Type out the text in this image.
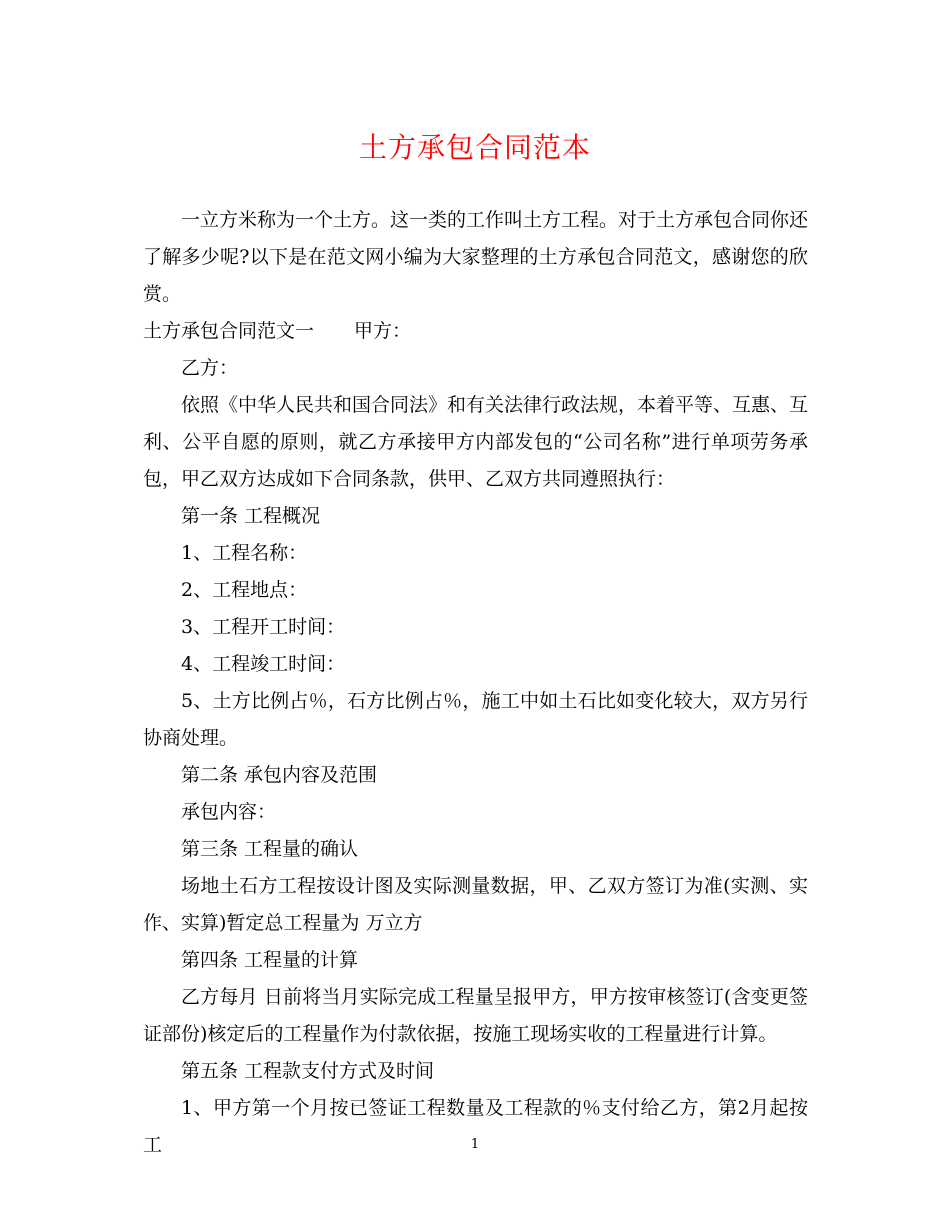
土方承包合同范本

一立方米称为一个土方。这一类的工作叫土方工程。对于土方承包合同你还了解多少呢?以下是在范文网小编为大家整理的土方承包合同范文，感谢您的欣赏。

土方承包合同范文一 甲方：

乙方：

依照《中华人民共和国合同法》和有关法律行政法规，本着平等、互惠、互利、公平自愿的原则，就乙方承接甲方内部发包的“公司名称”进行单项劳务承包，甲乙双方达成如下合同条款，供甲、乙双方共同遵照执行：

第一条 工程概况

1、工程名称：

2、工程地点：

3、工程开工时间：

4、工程竣工时间：

5、土方比例占％，石方比例占％，施工中如土石比如变化较大，双方另行协商处理。

第二条 承包内容及范围

承包内容：

第三条 工程量的确认

场地土石方工程按设计图及实际测量数据，甲、乙双方签订为准(实测、实作、实算)暂定总工程量为 万立方

第四条 工程量的计算

乙方每月 日前将当月实际完成工程量呈报甲方，甲方按审核签订(含变更签证部份)核定后的工程量作为付款依据，按施工现场实收的工程量进行计算。

第五条 工程款支付方式及时间

1、甲方第一个月按已签证工程数量及工程款的％支付给乙方，第2月起按工	1
